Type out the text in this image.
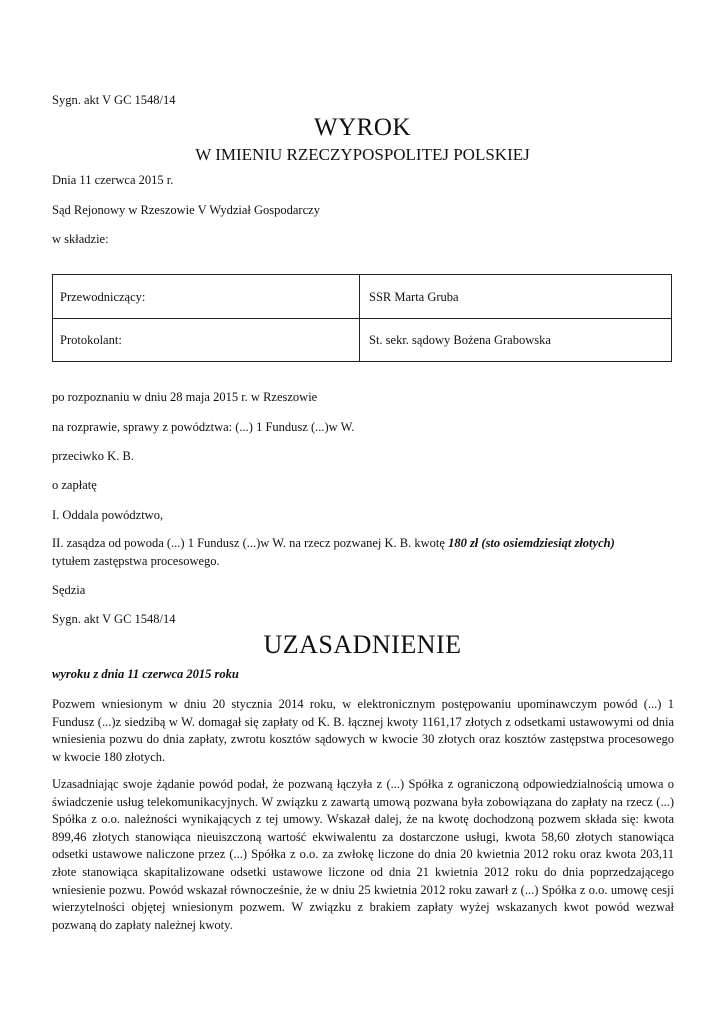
Sygn. akt V GC 1548/14
WYROK
W IMIENIU RZECZYPOSPOLITEJ POLSKIEJ
Dnia 11 czerwca 2015 r.
Sąd Rejonowy w Rzeszowie V Wydział Gospodarczy
w składzie:
Przewodniczący:	SSR Marta Gruba
Protokolant:	St. sekr. sądowy Bożena Grabowska
po rozpoznaniu w dniu 28 maja 2015 r. w Rzeszowie
na rozprawie, sprawy z powództwa: (...) 1 Fundusz (...)w W.
przeciwko K. B.
o zapłatę
I. Oddala powództwo,
II. zasądza od powoda (...) 1 Fundusz (...)w W. na rzecz pozwanej K. B. kwotę 180 zł (sto osiemdziesiąt złotych)
tytułem zastępstwa procesowego.
Sędzia
Sygn. akt V GC 1548/14
UZASADNIENIE
wyroku z dnia 11 czerwca 2015 roku
Pozwem wniesionym w dniu 20 stycznia 2014 roku, w elektronicznym postępowaniu upominawczym powód (...) 1 Fundusz (...)z siedzibą w W. domagał się zapłaty od K. B. łącznej kwoty 1161,17 złotych z odsetkami ustawowymi od dnia wniesienia pozwu do dnia zapłaty, zwrotu kosztów sądowych w kwocie 30 złotych oraz kosztów zastępstwa procesowego w kwocie 180 złotych.
Uzasadniając swoje żądanie powód podał, że pozwaną łączyła z (...) Spółka z ograniczoną odpowiedzialnością umowa o świadczenie usług telekomunikacyjnych. W związku z zawartą umową pozwana była zobowiązana do zapłaty na rzecz (...) Spółka z o.o. należności wynikających z tej umowy. Wskazał dalej, że na kwotę dochodzoną pozwem składa się: kwota 899,46 złotych stanowiąca nieuiszczoną wartość ekwiwalentu za dostarczone usługi, kwota 58,60 złotych stanowiąca odsetki ustawowe naliczone przez (...) Spółka z o.o. za zwłokę liczone do dnia 20 kwietnia 2012 roku oraz kwota 203,11 złote stanowiąca skapitalizowane odsetki ustawowe liczone od dnia 21 kwietnia 2012 roku do dnia poprzedzającego wniesienie pozwu. Powód wskazał równocześnie, że w dniu 25 kwietnia 2012 roku zawarł z (...) Spółka z o.o. umowę cesji wierzytelności objętej wniesionym pozwem. W związku z brakiem zapłaty wyżej wskazanych kwot powód wezwał pozwaną do zapłaty należnej kwoty.
